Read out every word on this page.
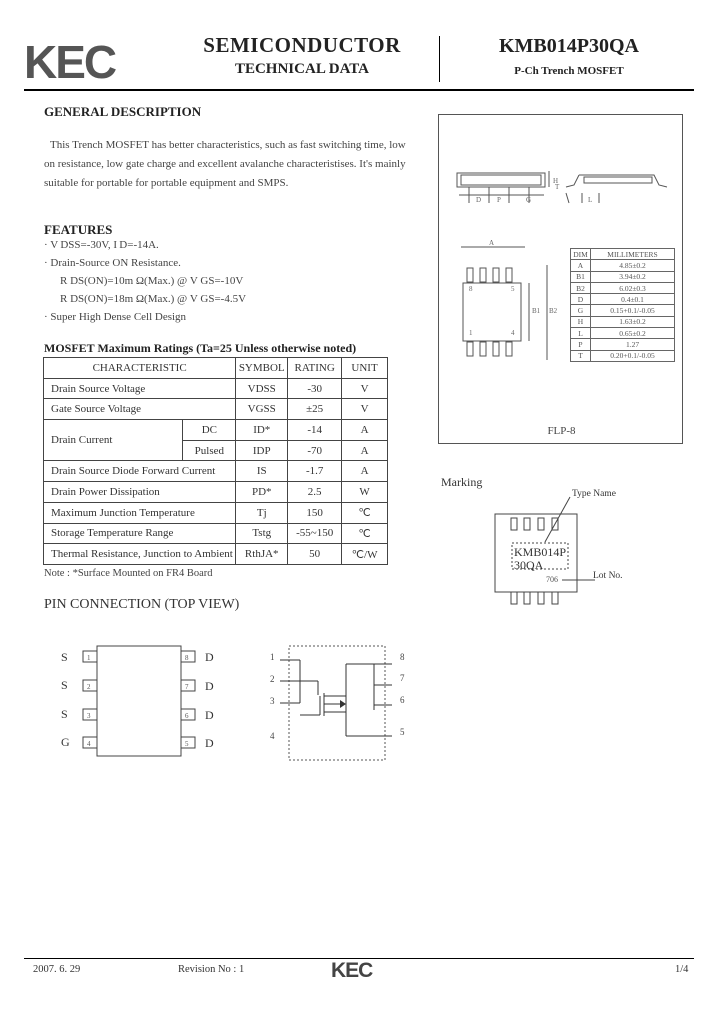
KEC	SEMICONDUCTOR
TECHNICAL DATA
KMB014P30QA
P-Ch Trench MOSFET
GENERAL DESCRIPTION
This Trench MOSFET has better characteristics, such as fast switching time, low
on resistance, low gate charge and excellent avalanche characteristises. It's mainly
suitable for portable for portable equipment and SMPS.
FEATURES
· V DSS=-30V, I D=-14A.
· Drain-Source ON Resistance.
R DS(ON)=10m Ω(Max.) @ V GS=-10V
R DS(ON)=18m Ω(Max.) @ V GS=-4.5V
· Super High Dense Cell Design
H
T
D P	G	L
A
8	5
1	4
B1 B2
FLP-8
DIM	MILLIMETERS
A	4.85±0.2
B1	3.94±0.2
B2	6.02±0.3
D	0.4±0.1
G	0.15+0.1/-0.05
H	1.63±0.2
L	0.65±0.2
P	1.27
T	0.20+0.1/-0.05
MOSFET Maximum Ratings (Ta=25 Unless otherwise noted)
CHARACTERISTIC		SYMBOL	RATING	UNIT
Drain Source Voltage		VDSS	-30	V
Gate Source Voltage		VGSS	±25	V
Drain Current	DC	ID*	-14	A
	Pulsed	IDP	-70	A
Drain Source Diode Forward Current		IS	-1.7	A
Drain Power Dissipation		PD*	2.5	W
Maximum Junction Temperature		Tj	150	℃
Storage Temperature Range		Tstg	-55~150	℃
Thermal Resistance, Junction to Ambient		RthJA*	50	℃/W
Note : *Surface Mounted on FR4 Board
Marking
Type Name
KMB014P
30QA
706	Lot No.
PIN CONNECTION (TOP VIEW)
S
S
S
G
D
D
D
D
1
2
3
4
8
7
6
5
1
2
3
4
8
7
6
5
2007. 6. 29	Revision No : 1	KEC	1/4
